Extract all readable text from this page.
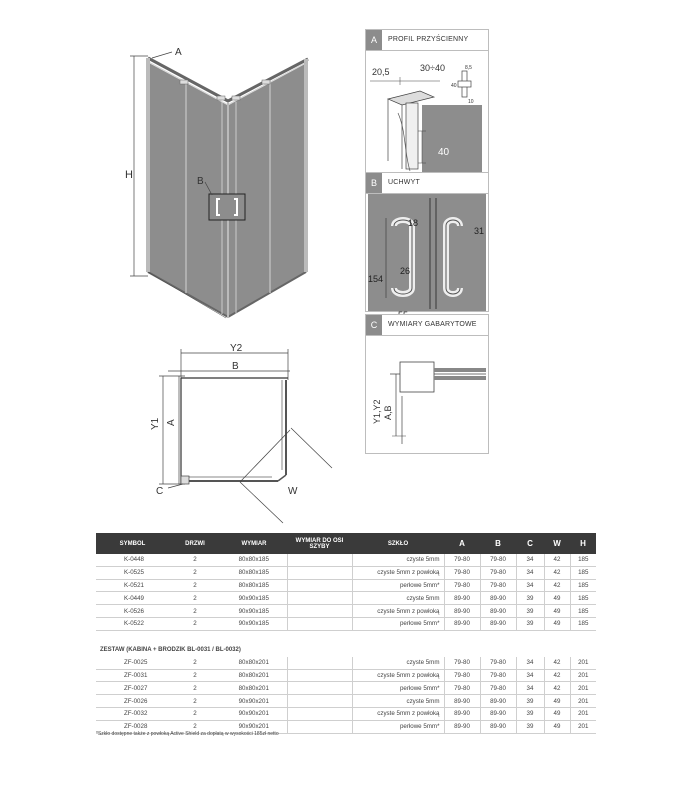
B
A
H
Y2
B
Y1 A
W
C
A	PROFIL PRZYŚCIENNY
20,5	30÷40	8,5
40
10
40
B	UCHWYT
18
31
26
154
C	WYMIARY GABARYTOWE
Y1,Y2 A,B
SYMBOL	DRZWI	WYMIAR	WYMIAR DO OSI SZYBY	SZKŁO	A	B	C	W	H
K-0448	2	80x80x185		czyste 5mm	79-80	79-80	34	42	185
K-0525	2	80x80x185		czyste 5mm z powłoką	79-80	79-80	34	42	185
K-0521	2	80x80x185		perłowe 5mm*	79-80	79-80	34	42	185
K-0449	2	90x90x185		czyste 5mm	89-90	89-90	39	49	185
K-0526	2	90x90x185		czyste 5mm z powłoką	89-90	89-90	39	49	185
K-0522	2	90x90x185		perłowe 5mm*	89-90	89-90	39	49	185

ZESTAW (KABINA + BRODZIK BL-0031 / BL-0032)									
ZF-0025	2	80x80x201		czyste 5mm	79-80	79-80	34	42	201
ZF-0031	2	80x80x201		czyste 5mm z powłoką	79-80	79-80	34	42	201
ZF-0027	2	80x80x201		perłowe 5mm*	79-80	79-80	34	42	201
ZF-0026	2	90x90x201		czyste 5mm	89-90	89-90	39	49	201
ZF-0032	2	90x90x201		czyste 5mm z powłoką	89-90	89-90	39	49	201
ZF-0028	2	90x90x201		perłowe 5mm*	89-90	89-90	39	49	201
*Szkło dostępne także z powłoką Active Shield za dopłatą w wysokości 185zł netto
